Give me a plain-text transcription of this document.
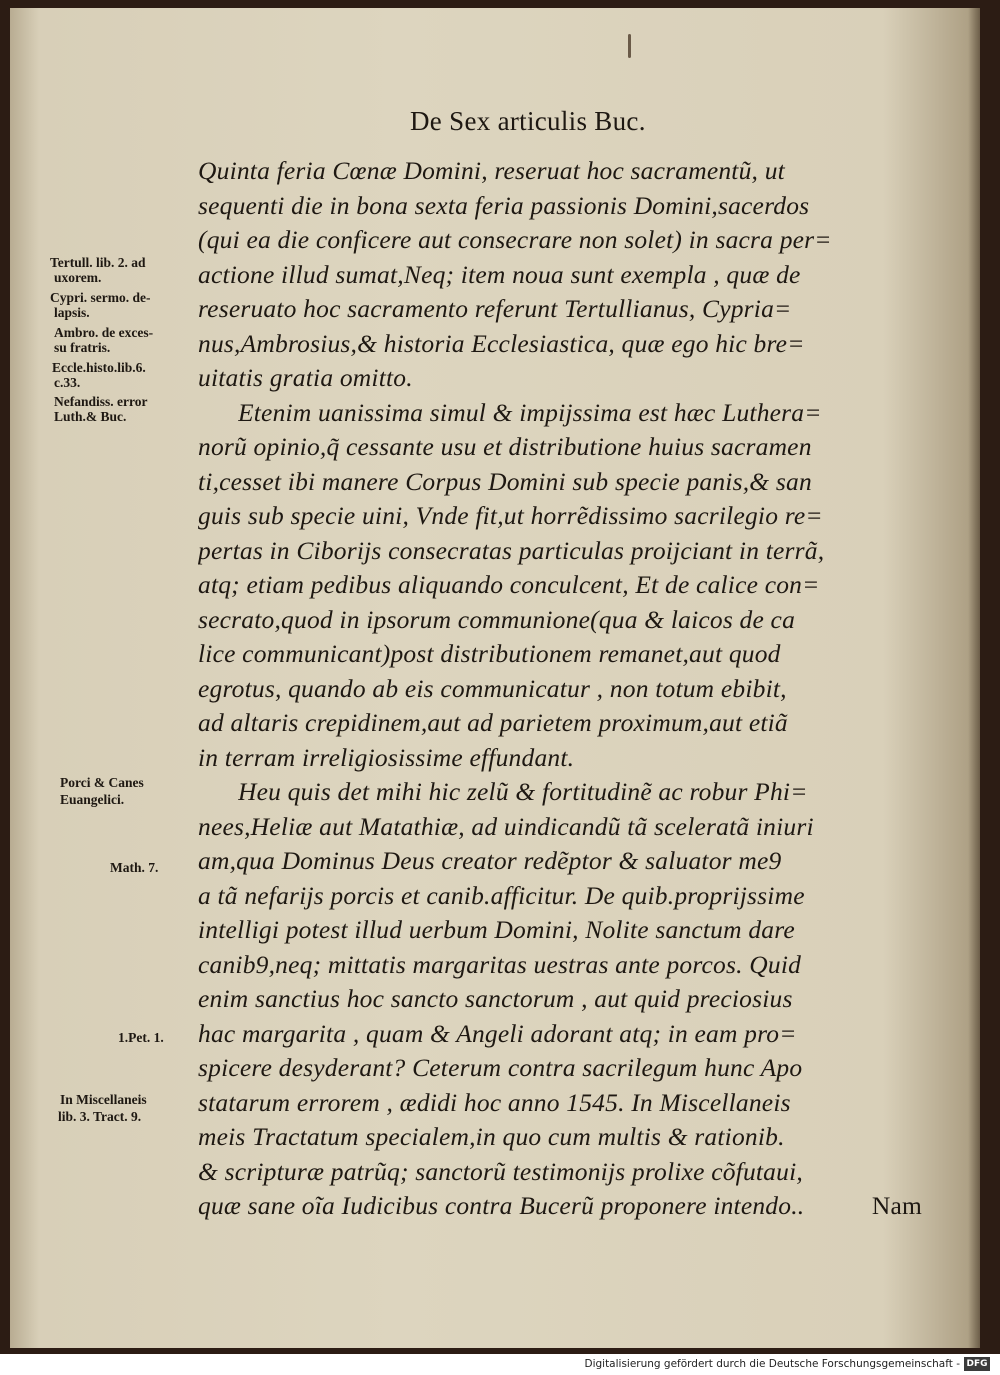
De Sex articulis Buc.
Quinta feria Cœnæ Domini, reseruat hoc sacramentũ, ut
sequenti die in bona sexta feria passionis Domini,sacerdos
(qui ea die conficere aut consecrare non solet) in sacra per=
actione illud sumat,Neq; item noua sunt exempla , quæ de
reseruato hoc sacramento referunt Tertullianus, Cypria=
nus,Ambrosius,& historia Ecclesiastica, quæ ego hic bre=
uitatis gratia omitto.
Etenim uanissima simul & impijssima est hæc Luthera=
norũ opinio,q̃ cessante usu et distributione huius sacramen
ti,cesset ibi manere Corpus Domini sub specie panis,& san
guis sub specie uini, Vnde fit,ut horrẽdissimo sacrilegio re=
pertas in Ciborijs consecratas particulas proijciant in terrã,
atq; etiam pedibus aliquando conculcent, Et de calice con=
secrato,quod in ipsorum communione(qua & laicos de ca
lice communicant)post distributionem remanet,aut quod
egrotus, quando ab eis communicatur , non totum ebibit,
ad altaris crepidinem,aut ad parietem proximum,aut etiã
in terram irreligiosissime effundant.
Heu quis det mihi hic zelũ & fortitudinẽ ac robur Phi=
nees,Heliæ aut Matathiæ, ad uindicandũ tã sceleratã iniuri
am,qua Dominus Deus creator redẽptor & saluator me9
a tã nefarijs porcis et canib.afficitur. De quib.proprijssime
intelligi potest illud uerbum Domini, Nolite sanctum dare
canib9,neq; mittatis margaritas uestras ante porcos. Quid
enim sanctius hoc sancto sanctorum , aut quid preciosius
hac margarita , quam & Angeli adorant atq; in eam pro=
spicere desyderant? Ceterum contra sacrilegum hunc Apo
statarum errorem , ædidi hoc anno 1545. In Miscellaneis
meis Tractatum specialem,in quo cum multis & rationib.
& scripturæ patrũq; sanctorũ testimonijs prolixe cõfutaui,
quæ sane oĩa Iudicibus contra Bucerũ proponere intendo..
Tertull. lib. 2. ad
uxorem.
Cypri. sermo. de-
lapsis.
Ambro. de exces-
su fratris.
Eccle.histo.lib.6.
c.33.
Nefandiss. error
Luth.& Buc.
Porci & Canes
Euangelici.
Math. 7.
1.Pet. 1.
In Miscellaneis
lib. 3. Tract. 9.
Nam
Digitalisierung gefördert durch die Deutsche Forschungsgemeinschaft - DFG
